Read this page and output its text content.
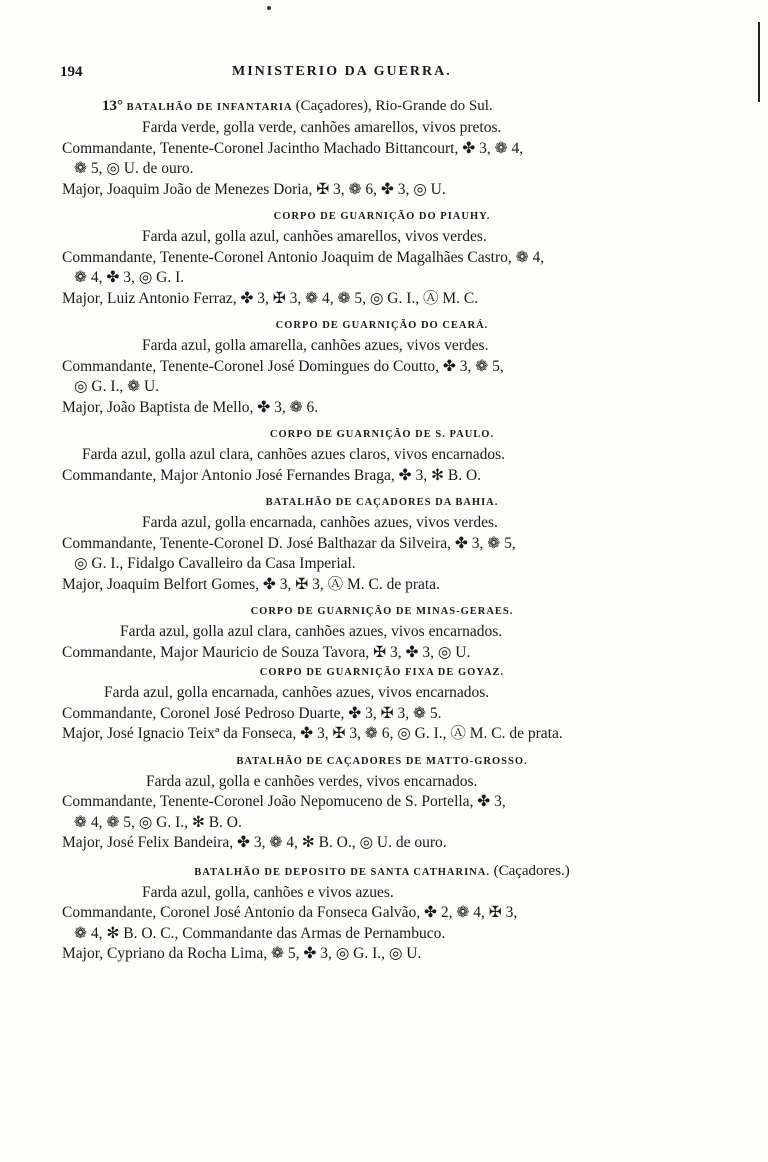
194	MINISTERIO DA GUERRA.
13° BATALHÃO DE INFANTARIA (Caçadores), Rio-Grande do Sul.
Farda verde, golla verde, canhões amarellos, vivos pretos.
Commandante, Tenente-Coronel Jacintho Machado Bittancourt, ✤ 3, ❁ 4,
❁ 5, ◎ U. de ouro.
Major, Joaquim João de Menezes Doria, ✠ 3, ❁ 6, ✤ 3, ◎ U.
CORPO DE GUARNIÇÃO DO PIAUHY.
Farda azul, golla azul, canhões amarellos, vivos verdes.
Commandante, Tenente-Coronel Antonio Joaquim de Magalhães Castro, ❁ 4,
❁ 4, ✤ 3, ◎ G. I.
Major, Luiz Antonio Ferraz, ✤ 3, ✠ 3, ❁ 4, ❁ 5, ◎ G. I., Ⓐ M. C.
CORPO DE GUARNIÇÃO DO CEARÁ.
Farda azul, golla amarella, canhões azues, vivos verdes.
Commandante, Tenente-Coronel José Domingues do Coutto, ✤ 3, ❁ 5,
◎ G. I., ❁ U.
Major, João Baptista de Mello, ✤ 3, ❁ 6.
CORPO DE GUARNIÇÃO DE S. PAULO.
Farda azul, golla azul clara, canhões azues claros, vivos encarnados.
Commandante, Major Antonio José Fernandes Braga, ✤ 3, ✻ B. O.
BATALHÃO DE CAÇADORES DA BAHIA.
Farda azul, golla encarnada, canhões azues, vivos verdes.
Commandante, Tenente-Coronel D. José Balthazar da Silveira, ✤ 3, ❁ 5,
◎ G. I., Fidalgo Cavalleiro da Casa Imperial.
Major, Joaquim Belfort Gomes, ✤ 3, ✠ 3, Ⓐ M. C. de prata.
CORPO DE GUARNIÇÃO DE MINAS-GERAES.
Farda azul, golla azul clara, canhões azues, vivos encarnados.
Commandante, Major Mauricio de Souza Tavora, ✠ 3, ✤ 3, ◎ U.
CORPO DE GUARNIÇÃO FIXA DE GOYAZ.
Farda azul, golla encarnada, canhões azues, vivos encarnados.
Commandante, Coronel José Pedroso Duarte, ✤ 3, ✠ 3, ❁ 5.
Major, José Ignacio Teixª da Fonseca, ✤ 3, ✠ 3, ❁ 6, ◎ G. I., Ⓐ M. C. de prata.
BATALHÃO DE CAÇADORES DE MATTO-GROSSO.
Farda azul, golla e canhões verdes, vivos encarnados.
Commandante, Tenente-Coronel João Nepomuceno de S. Portella, ✤ 3,
❁ 4, ❁ 5, ◎ G. I., ✻ B. O.
Major, José Felix Bandeira, ✤ 3, ❁ 4, ✻ B. O., ◎ U. de ouro.
BATALHÃO DE DEPOSITO DE SANTA CATHARINA. (Caçadores.)
Farda azul, golla, canhões e vivos azues.
Commandante, Coronel José Antonio da Fonseca Galvão, ✤ 2, ❁ 4, ✠ 3,
❁ 4, ✻ B. O. C., Commandante das Armas de Pernambuco.
Major, Cypriano da Rocha Lima, ❁ 5, ✤ 3, ◎ G. I., ◎ U.
